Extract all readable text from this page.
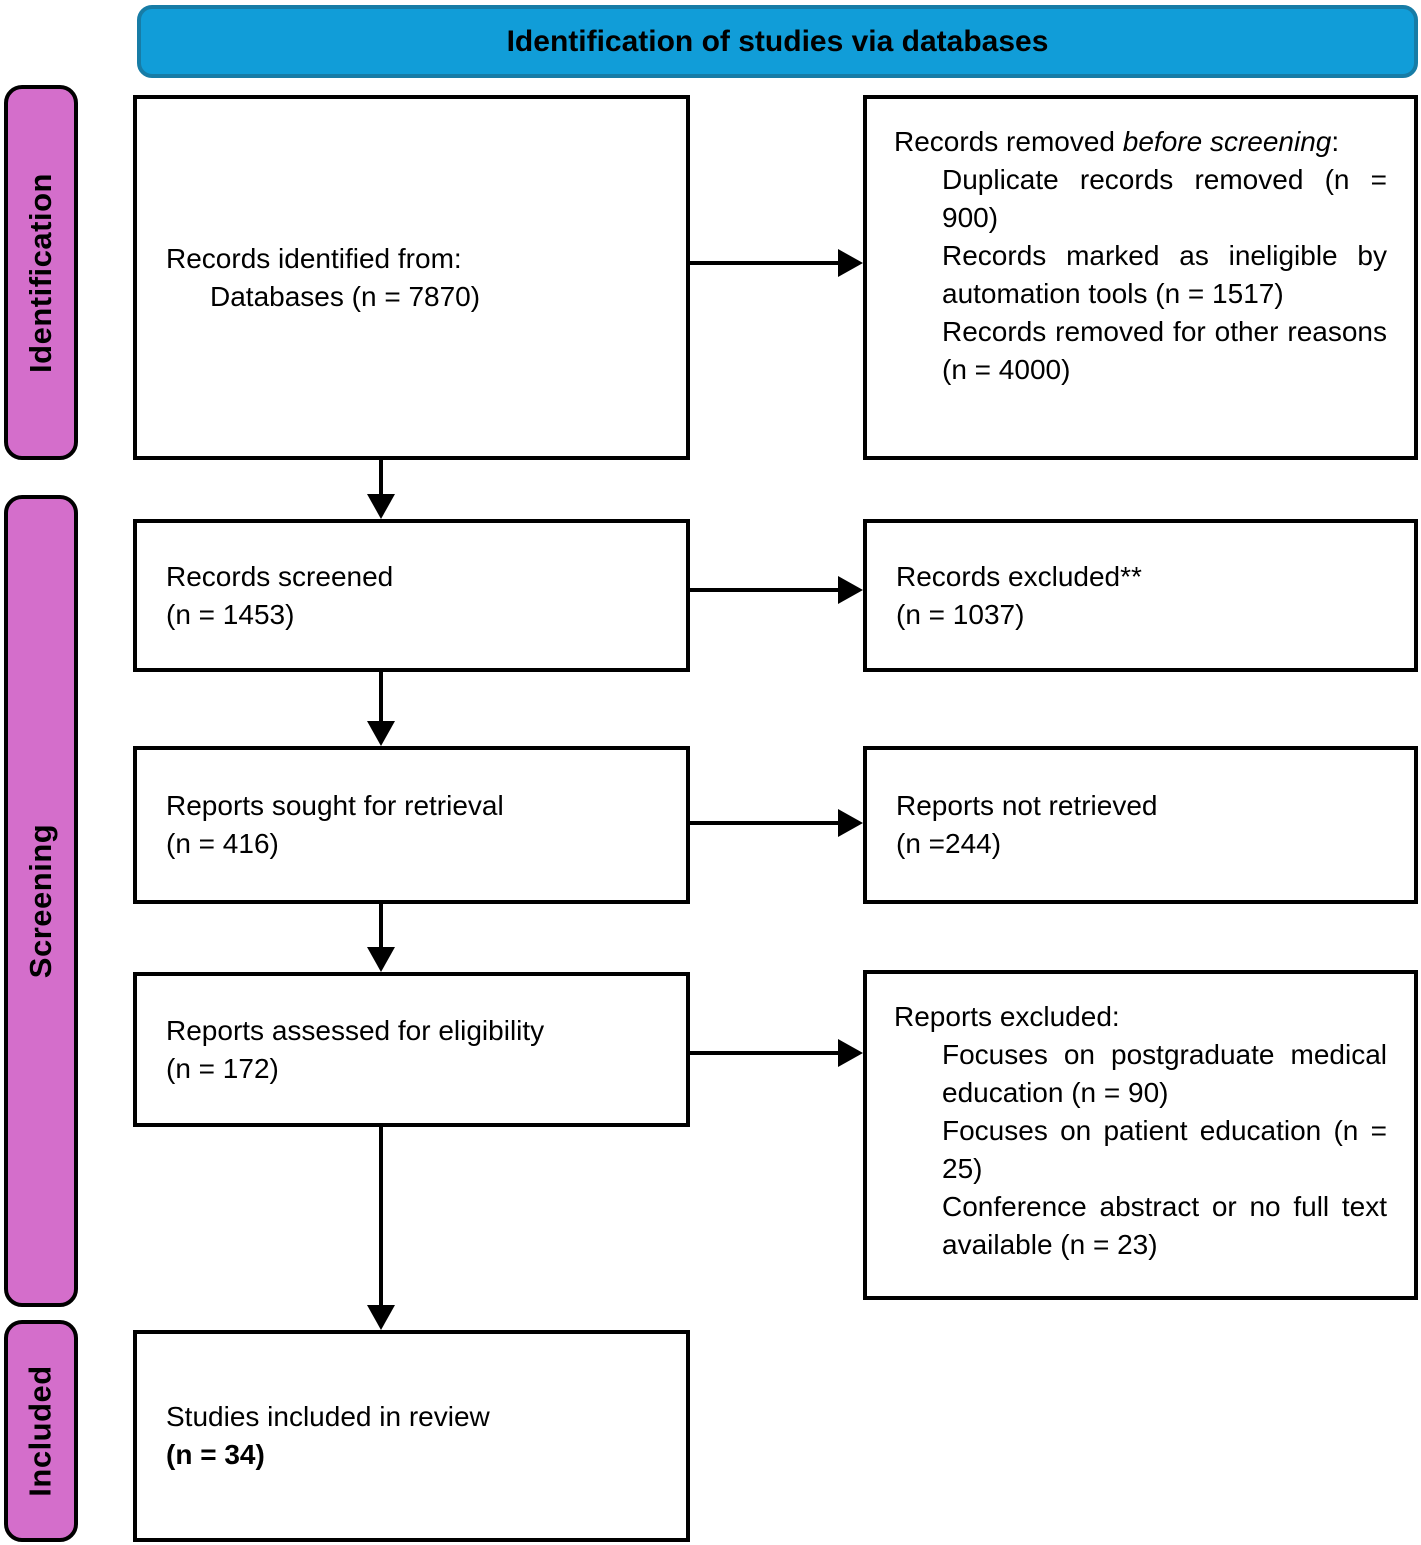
Identification of studies via databases
Identification
Screening
Included
Records identified from:
Databases (n = 7870)
Records screened
(n = 1453)
Reports sought for retrieval
(n = 416)
Reports assessed for eligibility
(n = 172)
Studies included in review
(n = 34)
Records removed before screening:
Duplicate records removed (n = 900)
Records marked as ineligible by automation tools (n = 1517)
Records removed for other reasons (n = 4000)
Records excluded**
(n = 1037)
Reports not retrieved
(n =244)
Reports excluded:
Focuses on postgraduate medical education (n = 90)
Focuses on patient education (n = 25)
Conference abstract or no full text available (n = 23)
